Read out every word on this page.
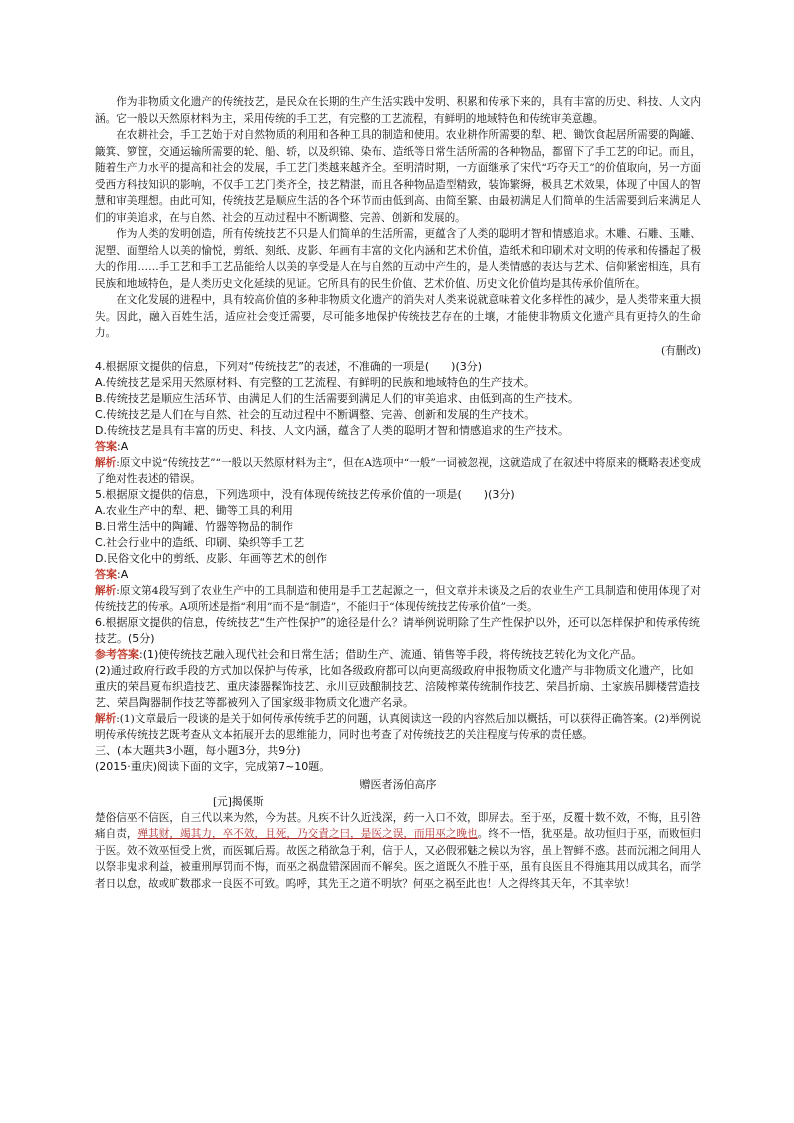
作为非物质文化遗产的传统技艺，是民众在长期的生产生活实践中发明、积累和传承下来的，具有丰富的历史、科技、人文内涵。它一般以天然原材料为主，采用传统的手工艺，有完整的工艺流程，有鲜明的地域特色和传统审美意趣。

在农耕社会，手工艺始于对自然物质的利用和各种工具的制造和使用。农业耕作所需要的犁、耙、锄饮食起居所需要的陶罐、簸箕、箩筐，交通运输所需要的轮、船、轿，以及织锦、染布、造纸等日常生活所需的各种物品，都留下了手工艺的印记。而且，随着生产力水平的提高和社会的发展，手工艺门类越来越齐全。至明清时期，一方面继承了宋代“巧夺天工”的价值取向，另一方面受西方科技知识的影响，不仅手工艺门类齐全，技艺精湛，而且各种物品造型精致，装饰繁缛，极具艺术效果，体现了中国人的智慧和审美理想。由此可知，传统技艺是顺应生活的各个环节而由低到高、由简至繁、由最初满足人们简单的生活需要到后来满足人们的审美追求，在与自然、社会的互动过程中不断调整、完善、创新和发展的。

作为人类的发明创造，所有传统技艺不只是人们简单的生活所需，更蕴含了人类的聪明才智和情感追求。木雕、石雕、玉雕、泥塑、面塑给人以美的愉悦，剪纸、刻纸、皮影、年画有丰富的文化内涵和艺术价值，造纸术和印刷术对文明的传承和传播起了极大的作用……手工艺和手工艺品能给人以美的享受是人在与自然的互动中产生的，是人类情感的表达与艺术、信仰紧密相连，具有民族和地域特色，是人类历史文化延续的见证。它所具有的民生价值、艺术价值、历史文化价值均是其传承价值所在。

在文化发展的进程中，具有较高价值的多种非物质文化遗产的消失对人类来说就意味着文化多样性的减少，是人类带来重大损失。因此，融入百姓生活，适应社会变迁需要，尽可能多地保护传统技艺存在的土壤，才能使非物质文化遗产具有更持久的生命力。

(有删改)

4.根据原文提供的信息，下列对“传统技艺”的表述，不准确的一项是(　　)(3分)

A.传统技艺是采用天然原材料、有完整的工艺流程、有鲜明的民族和地域特色的生产技术。

B.传统技艺是顺应生活环节、由满足人们的生活需要到满足人们的审美追求、由低到高的生产技术。

C.传统技艺是人们在与自然、社会的互动过程中不断调整、完善、创新和发展的生产技术。

D.传统技艺是具有丰富的历史、科技、人文内涵，蕴含了人类的聪明才智和情感追求的生产技术。

答案:A

解析:原文中说“传统技艺”“一般以天然原材料为主”，但在A选项中“一般”一词被忽视，这就造成了在叙述中将原来的概略表述变成了绝对性表述的错误。

5.根据原文提供的信息，下列选项中，没有体现传统技艺传承价值的一项是(　　)(3分)

A.农业生产中的犁、耙、锄等工具的利用

B.日常生活中的陶罐、竹器等物品的制作

C.社会行业中的造纸、印刷、染织等手工艺

D.民俗文化中的剪纸、皮影、年画等艺术的创作

答案:A

解析:原文第4段写到了农业生产中的工具制造和使用是手工艺起源之一，但文章并未谈及之后的农业生产工具制造和使用体现了对传统技艺的传承。A项所述是指“利用”而不是“制造”，不能归于“体现传统技艺传承价值”一类。

6.根据原文提供的信息，传统技艺“生产性保护”的途径是什么？请举例说明除了生产性保护以外，还可以怎样保护和传承传统技艺。(5分)

参考答案:(1)使传统技艺融入现代社会和日常生活；借助生产、流通、销售等手段，将传统技艺转化为文化产品。

(2)通过政府行政手段的方式加以保护与传承，比如各级政府都可以向更高级政府申报物质文化遗产与非物质文化遗产，比如重庆的荣昌夏布织造技艺、重庆漆器髹饰技艺、永川豆豉酿制技艺、涪陵榨菜传统制作技艺、荣昌折扇、土家族吊脚楼营造技艺、荣昌陶器制作技艺等都被列入了国家级非物质文化遗产名录。

解析:(1)文章最后一段谈的是关于如何传承传统手艺的问题，认真阅读这一段的内容然后加以概括，可以获得正确答案。(2)举例说明传承传统技艺既考查从文本拓展开去的思维能力，同时也考查了对传统技艺的关注程度与传承的责任感。

三、(本大题共3小题，每小题3分，共9分)

(2015·重庆)阅读下面的文字，完成第7~10题。

赠医者汤伯高序

[元]揭傒斯

楚俗信巫不信医，自三代以来为然，今为甚。凡疾不计久近浅深，药一入口不效，即屏去。至于巫，反覆十数不效，不悔，且引咎痛自责，殚其财，竭其力，卒不效，且死，乃交責之曰，是医之误，而用巫之晚也。终不一悟，犹巫是。故功恒归于巫，而败恒归于医。效不效巫恒受上赏，而医辄后焉。故医之稍欲急于利，信于人，又必假邪魅之候以为容，虽上智鲜不惑。甚而沅湘之间用人以祭非鬼求利益，被重刑厚罚而不悔，而巫之祸盘错深固而不解矣。医之道既久不胜于巫，虽有良医且不得施其用以成其名，而学者日以怠，故或旷数郡求一良医不可致。呜呼，其先王之道不明欤？何巫之祸至此也！人之得终其天年，不其幸欤！
